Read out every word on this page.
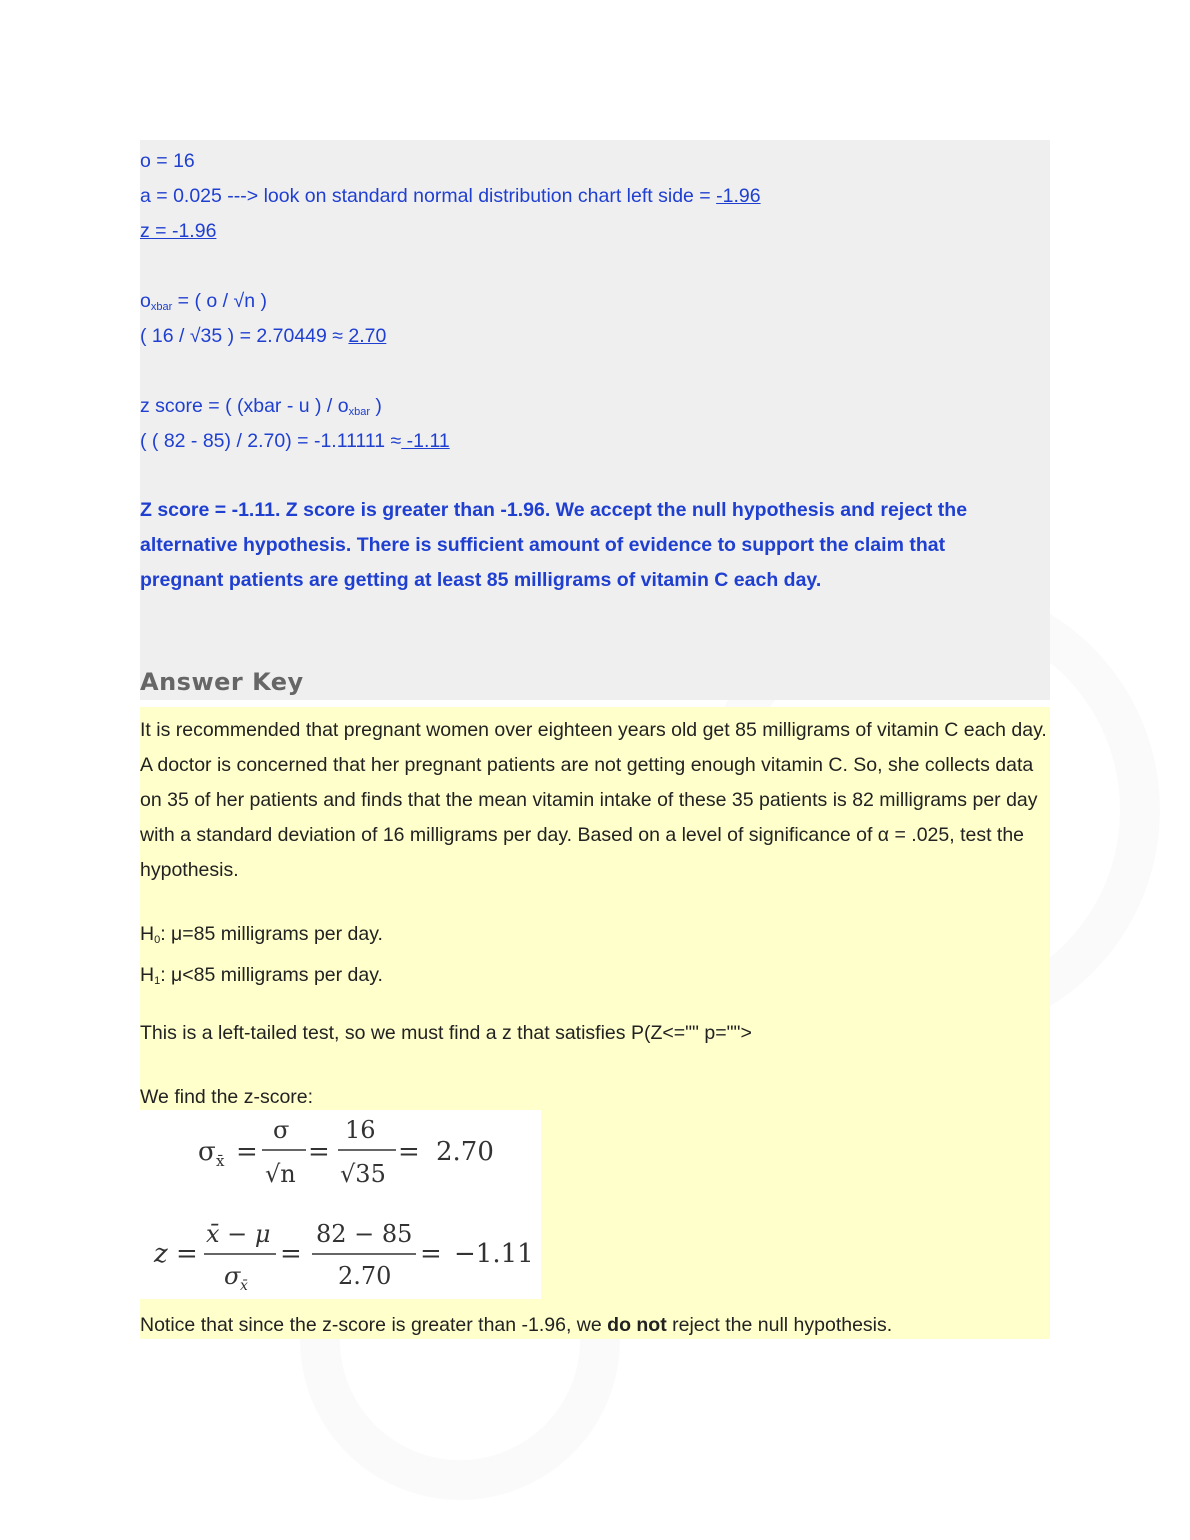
o = 16
a = 0.025 ---> look on standard normal distribution chart left side = -1.96
z = -1.96
$o_{xbar}$ = ( o / √n )
( 16 / √35 ) = 2.70449 ≈ 2.70
z score = ( (xbar - u ) / $o_{xbar}$ )
( ( 82 - 85) / 2.70) = -1.11111 ≈ -1.11
Z score = -1.11. Z score is greater than -1.96. We accept the null hypothesis and reject the alternative hypothesis. There is sufficient amount of evidence to support the claim that pregnant patients are getting at least 85 milligrams of vitamin C each day.
Answer Key
It is recommended that pregnant women over eighteen years old get 85 milligrams of vitamin C each day. A doctor is concerned that her pregnant patients are not getting enough vitamin C. So, she collects data on 35 of her patients and finds that the mean vitamin intake of these 35 patients is 82 milligrams per day with a standard deviation of 16 milligrams per day. Based on a level of significance of α = .025, test the hypothesis.
$H_0$: μ=85 milligrams per day.
$H_1$: μ<85 milligrams per day.
This is a left-tailed test, so we must find a z that satisfies P(Z<="" p="">
We find the z-score:
σ x̄ =
σ
√n
=
16
√35
= 2.70
z =
x̄ − μ
σ x̄
=
82 − 85
2.70
= −1.11
Notice that since the z-score is greater than -1.96, we do not reject the null hypothesis.
